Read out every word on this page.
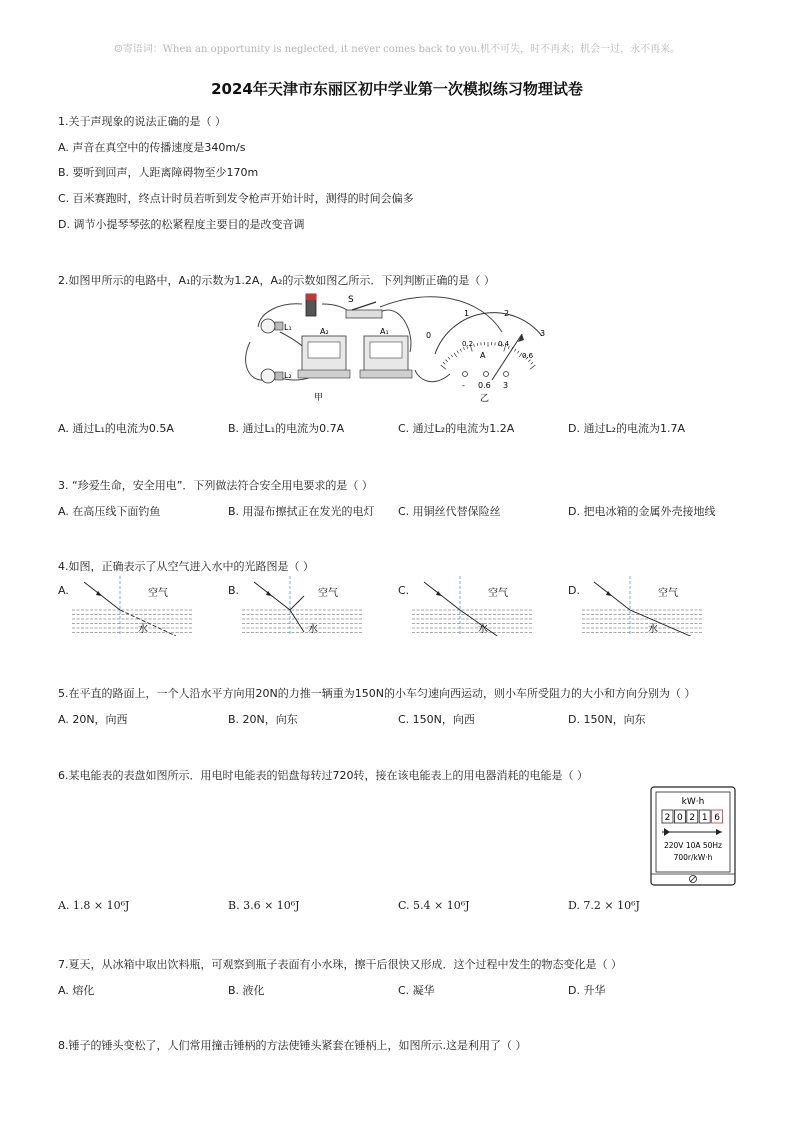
☺寄语词：When an opportunity is neglected, it never comes back to you.机不可失，时不再来；机会一过，永不再来。
2024年天津市东丽区初中学业第一次模拟练习物理试卷
1.关于声现象的说法正确的是（ ）
A. 声音在真空中的传播速度是340m/s
B. 要听到回声，人距离障碍物至少170m
C. 百米赛跑时，终点计时员若听到发令枪声开始计时，测得的时间会偏多
D. 调节小提琴琴弦的松紧程度主要目的是改变音调
2.如图甲所示的电路中，A₁的示数为1.2A，A₂的示数如图乙所示．下列判断正确的是（ ）
S
L₁
L₂
A₂	A₁
甲
0
1	2
3
0.2	0.4
0.6
A
- 0.6 3
乙
A. 通过L₁的电流为0.5A	B. 通过L₁的电流为0.7A	C. 通过L₂的电流为1.2A	D. 通过L₂的电流为1.7A
3. “珍爱生命，安全用电”．下列做法符合安全用电要求的是（ ）
A. 在高压线下面钓鱼	B. 用湿布擦拭正在发光的电灯 C. 用铜丝代替保险丝	D. 把电冰箱的金属外壳接地线
4.如图，正确表示了从空气进入水中的光路图是（ ）
A.	空气
水
B.	空气
水
C.	空气
水
D.	空气
水
5.在平直的路面上，一个人沿水平方向用20N的力推一辆重为150N的小车匀速向西运动，则小车所受阻力的大小和方向分别为（ ）
A. 20N，向西	B. 20N，向东	C. 150N，向西	D. 150N，向东
6.某电能表的表盘如图所示．用电时电能表的铝盘每转过720转，接在该电能表上的用电器消耗的电能是（ ）
kW·h
2 0 2 1 6
220V 10A 50Hz
700r/kW·h
A. 1.8 × 10⁶J	B. 3.6 × 10⁶J	C. 5.4 × 10⁶J	D. 7.2 × 10⁶J
7.夏天，从冰箱中取出饮料瓶，可观察到瓶子表面有小水珠，擦干后很快又形成．这个过程中发生的物态变化是（ ）
A. 熔化	B. 液化	C. 凝华	D. 升华
8.锤子的锤头变松了，人们常用撞击锤柄的方法使锤头紧套在锤柄上，如图所示.这是利用了（ ）
